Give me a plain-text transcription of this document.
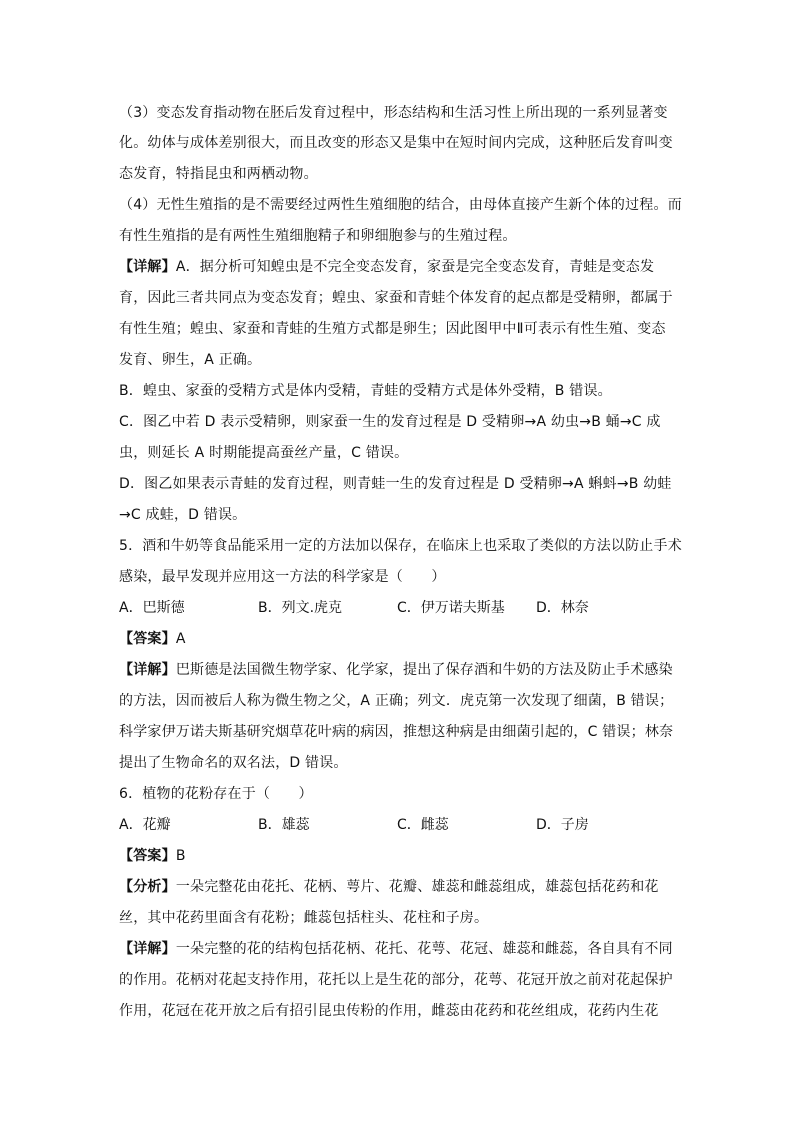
（3）变态发育指动物在胚后发育过程中，形态结构和生活习性上所出现的一系列显著变
化。幼体与成体差别很大，而且改变的形态又是集中在短时间内完成，这种胚后发育叫变
态发育，特指昆虫和两栖动物。
（4）无性生殖指的是不需要经过两性生殖细胞的结合，由母体直接产生新个体的过程。而
有性生殖指的是有两性生殖细胞精子和卵细胞参与的生殖过程。
【详解】A．据分析可知蝗虫是不完全变态发育，家蚕是完全变态发育，青蛙是变态发
育，因此三者共同点为变态发育；蝗虫、家蚕和青蛙个体发育的起点都是受精卵，都属于
有性生殖；蝗虫、家蚕和青蛙的生殖方式都是卵生；因此图甲中Ⅱ可表示有性生殖、变态
发育、卵生，A 正确。
B．蝗虫、家蚕的受精方式是体内受精，青蛙的受精方式是体外受精，B 错误。
C．图乙中若 D 表示受精卵，则家蚕一生的发育过程是 D 受精卵→A 幼虫→B 蛹→C 成
虫，则延长 A 时期能提高蚕丝产量，C 错误。
D．图乙如果表示青蛙的发育过程，则青蛙一生的发育过程是 D 受精卵→A 蝌蚪→B 幼蛙
→C 成蛙，D 错误。
5．酒和牛奶等食品能采用一定的方法加以保存，在临床上也采取了类似的方法以防止手术
感染，最早发现并应用这一方法的科学家是（　　）
A．巴斯德	B．列文.虎克	C．伊万诺夫斯基 D．林奈
【答案】A
【详解】巴斯德是法国微生物学家、化学家，提出了保存酒和牛奶的方法及防止手术感染
的方法，因而被后人称为微生物之父，A 正确；列文．虎克第一次发现了细菌，B 错误；
科学家伊万诺夫斯基研究烟草花叶病的病因，推想这种病是由细菌引起的，C 错误；林奈
提出了生物命名的双名法，D 错误。
6．植物的花粉存在于（　　）
A．花瓣	B．雄蕊	C．雌蕊	D．子房
【答案】B
【分析】一朵完整花由花托、花柄、萼片、花瓣、雄蕊和雌蕊组成，雄蕊包括花药和花
丝，其中花药里面含有花粉；雌蕊包括柱头、花柱和子房。
【详解】一朵完整的花的结构包括花柄、花托、花萼、花冠、雄蕊和雌蕊，各自具有不同
的作用。花柄对花起支持作用，花托以上是生花的部分，花萼、花冠开放之前对花起保护
作用，花冠在花开放之后有招引昆虫传粉的作用，雌蕊由花药和花丝组成，花药内生花
